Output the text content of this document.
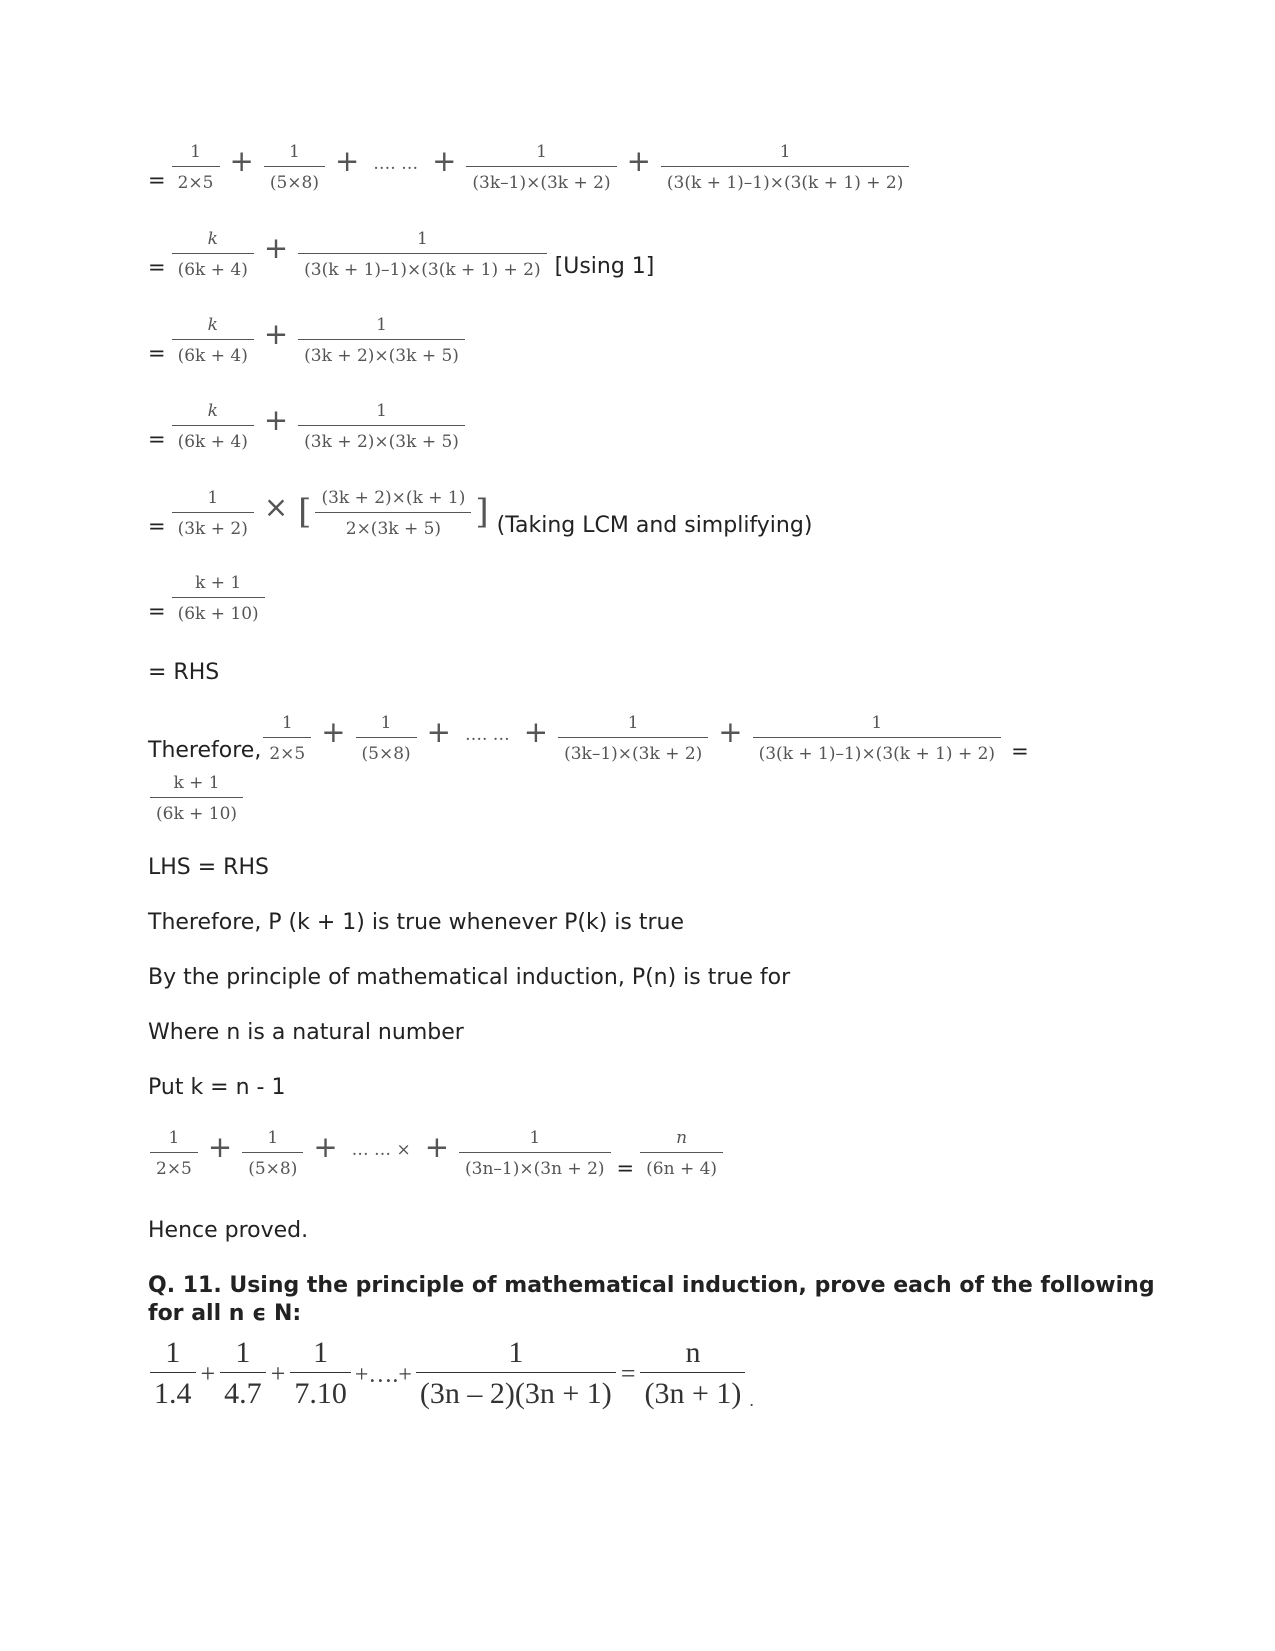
= $\frac{1}{2\times 5} + \frac{1}{(5\times 8)}$ + …. … + $\frac{1}{(3k-1)\times(3k + 2)} + \frac{1}{(3(k + 1)-1)\times(3(k + 1) + 2)}$
= $\frac{k}{(6k + 4)} + \frac{1}{(3(k + 1)-1)\times(3(k + 1) + 2)} [Using$ 1]
= $\frac{k}{(6k + 4)} + \frac{1}{(3k + 2)\times(3k + 5)}$
= $\frac{k}{(6k + 4)} + \frac{1}{(3k + 2)\times(3k + 5)}$
= $\frac{1}{(3k + 2)}$ × [ $\frac{(3k + 2)\times(k + 1)}{2\times(3k + 5)}$ ] (Taking LCM and simplifying)
= $\frac{k + 1}{(6k + 10)}$
= RHS
Therefore, $\frac{1}{2\times 5} + \frac{1}{(5\times 8)}$ + …. … + $\frac{1}{(3k-1)\times(3k + 2)} + \frac{1}{(3(k + 1)-1)\times(3(k + 1) + 2)}$ =
$\frac{k + 1}{(6k + 10)}$
LHS = RHS
Therefore, P (k + 1) is true whenever P(k) is true
By the principle of mathematical induction, P(n) is true for
Where n is a natural number
Put k = n - 1
$\frac{1}{2\times 5} + \frac{1}{(5\times 8)}$ + … … × + $\frac{1}{(3n-1)\times(3n + 2)} = \frac{n}{(6n + 4)}$
Hence proved.
Q. 11. Using the principle of mathematical induction, prove each of the following
for all n ϵ N:
$\frac{1}{1.4} + \frac{1}{4.7} + \frac{1}{7.10}$ +….+ $\frac{1}{(3n - 2)(3n + 1)} = \frac{n}{(3n + 1)}$ .
